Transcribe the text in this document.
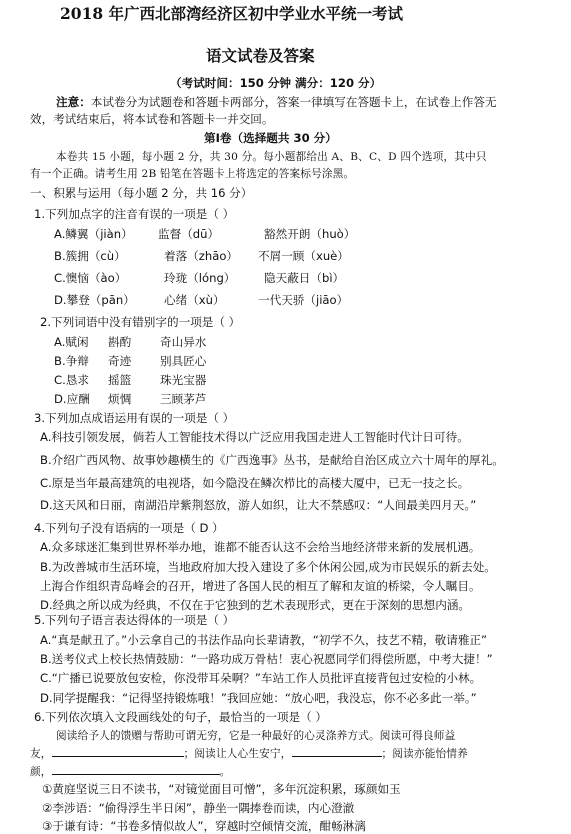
2018 年广西北部湾经济区初中学业水平统一考试
语文试卷及答案
（考试时间：150 分钟 满分：120 分）
注意：本试卷分为试题卷和答题卡两部分，答案一律填写在答题卡上，在试卷上作答无
效，考试结束后，将本试卷和答题卡一并交回。
第Ⅰ卷（选择题共 30 分）
本卷共 15 小题，每小题 2 分，共 30 分。每小题都给出 A、B、C、D 四个选项，其中只
有一个正确。请考生用 2B 铅笔在答题卡上将选定的答案标号涂黑。
一、积累与运用（每小题 2 分，共 16 分）
1.下列加点字的注音有误的一项是（ ）
A.鳞翼（jiàn） 监督（dū）	豁然开朗（huò）
B.簇拥（cù）	着落（zhāo） 不屑一顾（xuè）
C.懊恼（ào）	玲珑（lóng） 隐天蔽日（bì）
D.攀登（pān）	心绪（xù）	一代天骄（jiāo）
2.下列词语中没有错别字的一项是（ ）
A.赋闲 斟酌 奇山异水
B.争辩 奇迹 别具匠心
C.恳求 摇篮 珠光宝器
D.应酬 烦惆 三顾茅芦
3.下列加点成语运用有误的一项是（ ）
A.科技引领发展，倘若人工智能技术得以广泛应用我国走进人工智能时代计日可待。
B.介绍广西风物、故事妙趣横生的《广西逸事》丛书，是献给自治区成立六十周年的厚礼。
C.原是当年最高建筑的电视塔，如今隐没在鳞次栉比的高楼大厦中，已无一技之长。
D.这天风和日丽，南湖沿岸紫荆怒放，游人如织，让大不禁感叹：“人间最美四月天。”
4.下列句子没有语病的一项是（ D ）
A.众多球迷汇集到世界杯举办地，谁都不能否认这不会给当地经济带来新的发展机遇。
B.为改善城市生活环境，当地政府加大投入建设了多个休闲公园,成为市民娱乐的新去处。
上海合作组织青岛峰会的召开，增进了各国人民的相互了解和友谊的桥梁，令人瞩目。
D.经典之所以成为经典，不仅在于它独到的艺术表现形式，更在于深刻的思想内涵。
5.下列句子语言表达得体的一项是（ ）
A.“真是献丑了。”小云拿自己的书法作品向长辈请教，“初学不久，技艺不精，敬请雅正”
B.送考仪式上校长热情鼓励：“一路功成万骨枯！衷心祝愿同学们得偿所愿，中考大捷！”
C.“广播已说要放包安检，你没带耳朵啊？”车站工作人员批评直接背包过安检的小林。
D.同学提醒我：“记得坚持锻炼哦！”我回应她：“放心吧，我没忘，你不必多此一举。”
6.下列依次填入文段画线处的句子，最恰当的一项是（ ）
阅读给予人的馈赠与帮助可谓无穷，它是一种最好的心灵涤养方式。阅读可得良师益
友，	；阅读让人心生安宁，	；阅读亦能怡情养
颜，	。
①黄庭坚说三日不读书，“对镜觉面目可憎”，多年沉淀积累，琢颜如玉
②李涉语：“偷得浮生半日闲”，静坐一隅捧卷而读，内心澄澈
③于谦有诗：“书卷多情似故人”，穿越时空倾情交流，酣畅淋漓
